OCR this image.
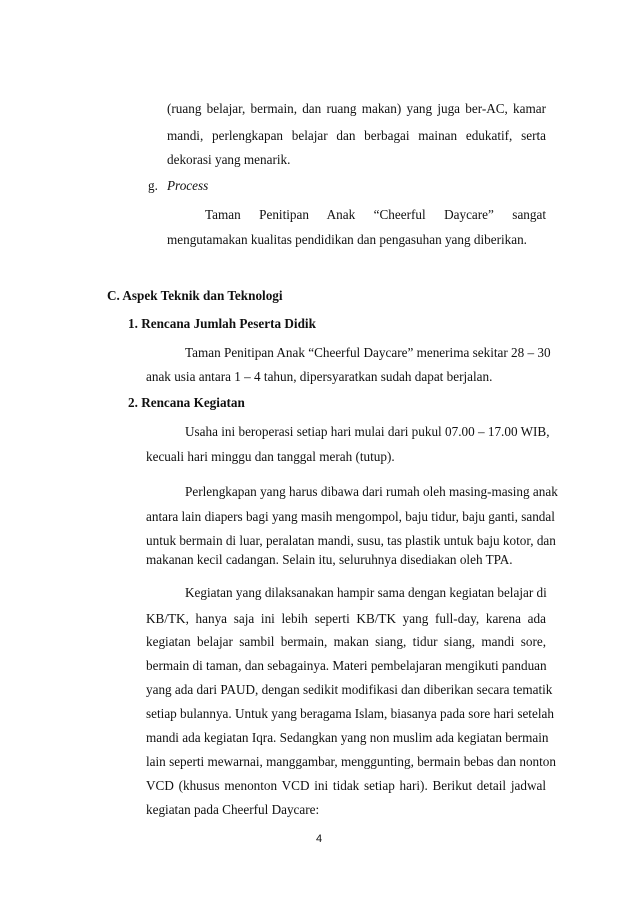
(ruang belajar, bermain, dan ruang makan) yang juga ber-AC, kamar
mandi, perlengkapan belajar dan berbagai mainan edukatif, serta
dekorasi yang menarik.
g. Process
Taman Penitipan Anak “Cheerful Daycare” sangat
mengutamakan kualitas pendidikan dan pengasuhan yang diberikan.
C. Aspek Teknik dan Teknologi
1. Rencana Jumlah Peserta Didik
Taman Penitipan Anak “Cheerful Daycare” menerima sekitar 28 – 30
anak usia antara 1 – 4 tahun, dipersyaratkan sudah dapat berjalan.
2. Rencana Kegiatan
Usaha ini beroperasi setiap hari mulai dari pukul 07.00 – 17.00 WIB,
kecuali hari minggu dan tanggal merah (tutup).
Perlengkapan yang harus dibawa dari rumah oleh masing-masing anak
antara lain diapers bagi yang masih mengompol, baju tidur, baju ganti, sandal
untuk bermain di luar, peralatan mandi, susu, tas plastik untuk baju kotor, dan
makanan kecil cadangan. Selain itu, seluruhnya disediakan oleh TPA.
Kegiatan yang dilaksanakan hampir sama dengan kegiatan belajar di
KB/TK, hanya saja ini lebih seperti KB/TK yang full-day, karena ada
kegiatan belajar sambil bermain, makan siang, tidur siang, mandi sore,
bermain di taman, dan sebagainya. Materi pembelajaran mengikuti panduan
yang ada dari PAUD, dengan sedikit modifikasi dan diberikan secara tematik
setiap bulannya. Untuk yang beragama Islam, biasanya pada sore hari setelah
mandi ada kegiatan Iqra. Sedangkan yang non muslim ada kegiatan bermain
lain seperti mewarnai, manggambar, menggunting, bermain bebas dan nonton
VCD (khusus menonton VCD ini tidak setiap hari). Berikut detail jadwal
kegiatan pada Cheerful Daycare:
4
